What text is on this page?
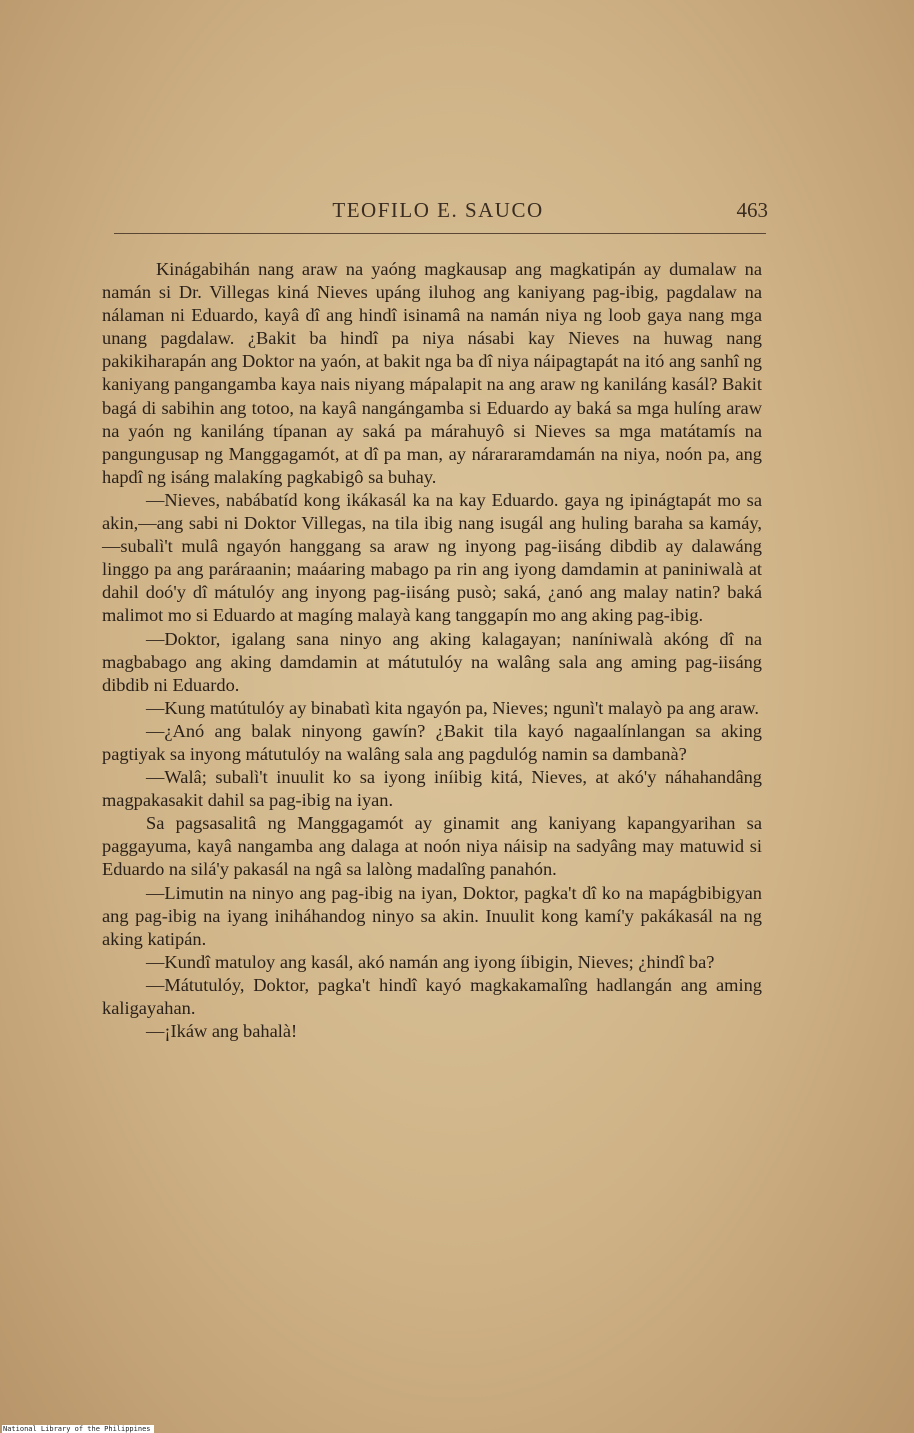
TEOFILO E. SAUCO	463

Kinágabihán nang araw na yaóng magkausap ang magkatipán ay dumalaw na namán si Dr. Villegas kiná Nieves upáng iluhog ang kaniyang pag-ibig, pagdalaw na nálaman ni Eduardo, kayâ dî ang hindî isinamâ na namán niya ng loob gaya nang mga unang pagdalaw. ¿Bakit ba hindî pa niya násabi kay Nieves na huwag nang pakikiharapán ang Doktor na yaón, at bakit nga ba dî niya náipagtapát na itó ang sanhî ng kaniyang pangangamba kaya nais niyang mápalapit na ang araw ng kaniláng kasál? Bakit bagá di sabihin ang totoo, na kayâ nangángamba si Eduardo ay baká sa mga hulíng araw na yaón ng kaniláng típanan ay saká pa márahuyô si Nieves sa mga matátamís na pangungusap ng Manggagamót, at dî pa man, ay nárararamdamán na niya, noón pa, ang hapdî ng isáng malakíng pagkabigô sa buhay.

—Nieves, nabábatíd kong ikákasál ka na kay Eduardo. gaya ng ipinágtapát mo sa akin,—ang sabi ni Doktor Villegas, na tila ibig nang isugál ang huling baraha sa kamáy,—subalì't mulâ ngayón hanggang sa araw ng inyong pag-iisáng dibdib ay dalawáng linggo pa ang paráraanin; maáaring mabago pa rin ang iyong damdamin at paniniwalà at dahil doó'y dî mátulóy ang inyong pag-iisáng pusò; saká, ¿anó ang malay natin? baká malimot mo si Eduardo at magíng malayà kang tanggapín mo ang aking pag-ibig.

—Doktor, igalang sana ninyo ang aking kalagayan; naníniwalà akóng dî na magbabago ang aking damdamin at mátutulóy na walâng sala ang aming pag-iisáng dibdib ni Eduardo.

—Kung matútulóy ay binabatì kita ngayón pa, Nieves; ngunì't malayò pa ang araw.

—¿Anó ang balak ninyong gawín? ¿Bakit tila kayó nagaalínlangan sa aking pagtiyak sa inyong mátutulóy na walâng sala ang pagdulóg namin sa dambanà?

—Walâ; subalì't inuulit ko sa iyong iníibig kitá, Nieves, at akó'y náhahandâng magpakasakit dahil sa pag-ibig na iyan.

Sa pagsasalitâ ng Manggagamót ay ginamit ang kaniyang kapangyarihan sa paggayuma, kayâ nangamba ang dalaga at noón niya náisip na sadyâng may matuwid si Eduardo na silá'y pakasál na ngâ sa lalòng madalîng panahón.

—Limutin na ninyo ang pag-ibig na iyan, Doktor, pagka't dî ko na mapágbibigyan ang pag-ibig na iyang iniháhandog ninyo sa akin. Inuulit kong kamí'y pakákasál na ng aking katipán.

—Kundî matuloy ang kasál, akó namán ang iyong íibigin, Nieves; ¿hindî ba?

—Mátutulóy, Doktor, pagka't hindî kayó magkakamalîng hadlangán ang aming kaligayahan.

—¡Ikáw ang bahalà!

National Library of the Philippines
